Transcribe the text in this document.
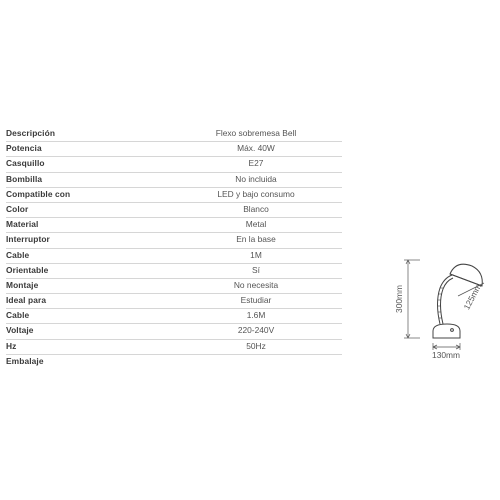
Descripción	Flexo sobremesa Bell
Potencia	Máx. 40W
Casquillo	E27
Bombilla	No incluida
Compatible con	LED y bajo consumo
Color	Blanco
Material	Metal
Interruptor	En la base
Cable	1M
Orientable	Sí
Montaje	No necesita
Ideal para	Estudiar
Cable	1.6M
Voltaje	220-240V
Hz	50Hz
Embalaje
300mm	125mm
130mm
